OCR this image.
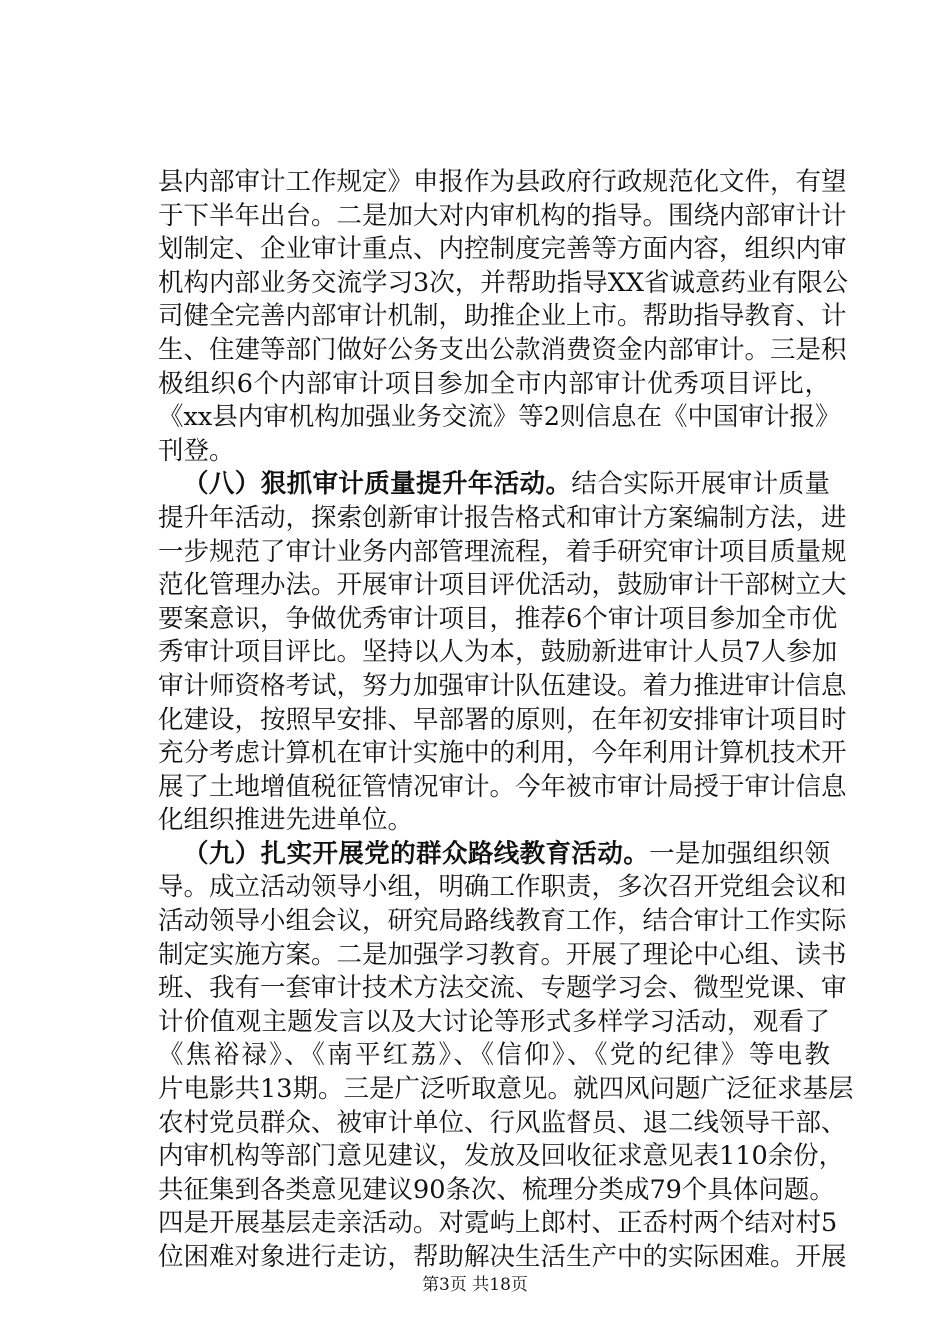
县内部审计工作规定》申报作为县政府行政规范化文件，有望
于下半年出台。二是加大对内审机构的指导。围绕内部审计计
划制定、企业审计重点、内控制度完善等方面内容，组织内审
机构内部业务交流学习3次，并帮助指导XX省诚意药业有限公
司健全完善内部审计机制，助推企业上市。帮助指导教育、计
生、住建等部门做好公务支出公款消费资金内部审计。三是积
极组织6个内部审计项目参加全市内部审计优秀项目评比，
《xx县内审机构加强业务交流》等2则信息在《中国审计报》
刊登。
（八）狠抓审计质量提升年活动。结合实际开展审计质量
提升年活动，探索创新审计报告格式和审计方案编制方法，进
一步规范了审计业务内部管理流程，着手研究审计项目质量规
范化管理办法。开展审计项目评优活动，鼓励审计干部树立大
要案意识，争做优秀审计项目，推荐6个审计项目参加全市优
秀审计项目评比。坚持以人为本，鼓励新进审计人员7人参加
审计师资格考试，努力加强审计队伍建设。着力推进审计信息
化建设，按照早安排、早部署的原则，在年初安排审计项目时
充分考虑计算机在审计实施中的利用，今年利用计算机技术开
展了土地增值税征管情况审计。今年被市审计局授于审计信息
化组织推进先进单位。
（九）扎实开展党的群众路线教育活动。一是加强组织领
导。成立活动领导小组，明确工作职责，多次召开党组会议和
活动领导小组会议，研究局路线教育工作，结合审计工作实际
制定实施方案。二是加强学习教育。开展了理论中心组、读书
班、我有一套审计技术方法交流、专题学习会、微型党课、审
计价值观主题发言以及大讨论等形式多样学习活动，观看了
《焦裕禄》、《南平红荔》、《信仰》、《党的纪律》等电教
片电影共13期。三是广泛听取意见。就四风问题广泛征求基层
农村党员群众、被审计单位、行风监督员、退二线领导干部、
内审机构等部门意见建议，发放及回收征求意见表110余份，
共征集到各类意见建议90条次、梳理分类成79个具体问题。
四是开展基层走亲活动。对霓屿上郎村、正岙村两个结对村5
位困难对象进行走访，帮助解决生活生产中的实际困难。开展
第3页 共18页
